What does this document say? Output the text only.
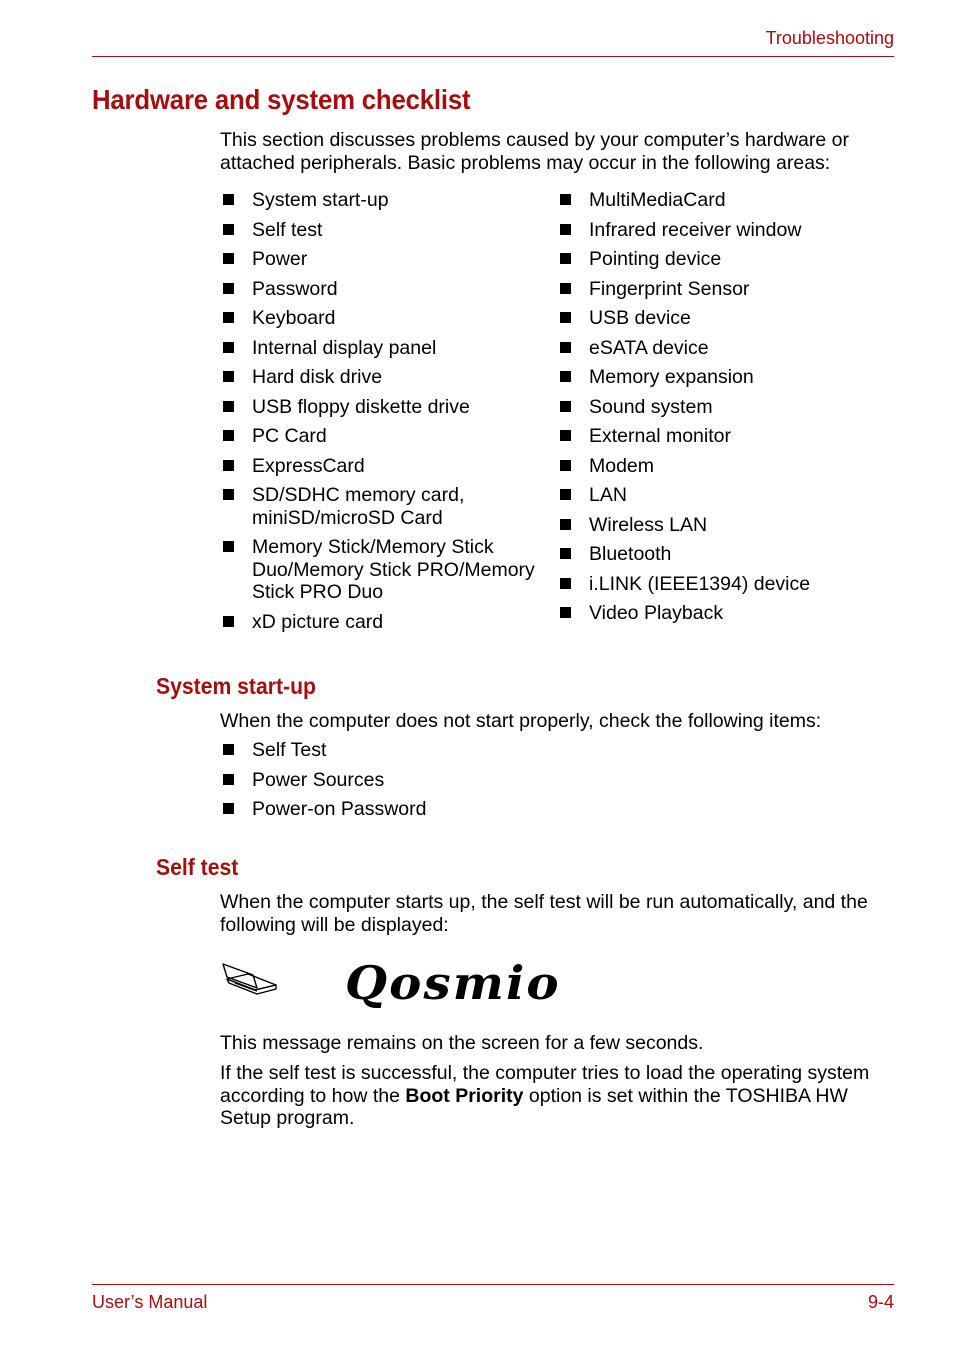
Troubleshooting
Hardware and system checklist
This section discusses problems caused by your computer’s hardware or attached peripherals. Basic problems may occur in the following areas:
System start-up
Self test
Power
Password
Keyboard
Internal display panel
Hard disk drive
USB floppy diskette drive
PC Card
ExpressCard
SD/SDHC memory card, miniSD/microSD Card
Memory Stick/Memory Stick Duo/Memory Stick PRO/Memory Stick PRO Duo
xD picture card
MultiMediaCard
Infrared receiver window
Pointing device
Fingerprint Sensor
USB device
eSATA device
Memory expansion
Sound system
External monitor
Modem
LAN
Wireless LAN
Bluetooth
i.LINK (IEEE1394) device
Video Playback
System start-up
When the computer does not start properly, check the following items:
Self Test
Power Sources
Power-on Password
Self test
When the computer starts up, the self test will be run automatically, and the following will be displayed:
Qosmio
This message remains on the screen for a few seconds.
If the self test is successful, the computer tries to load the operating system according to how the Boot Priority option is set within the TOSHIBA HW Setup program.
User’s Manual	9-4
